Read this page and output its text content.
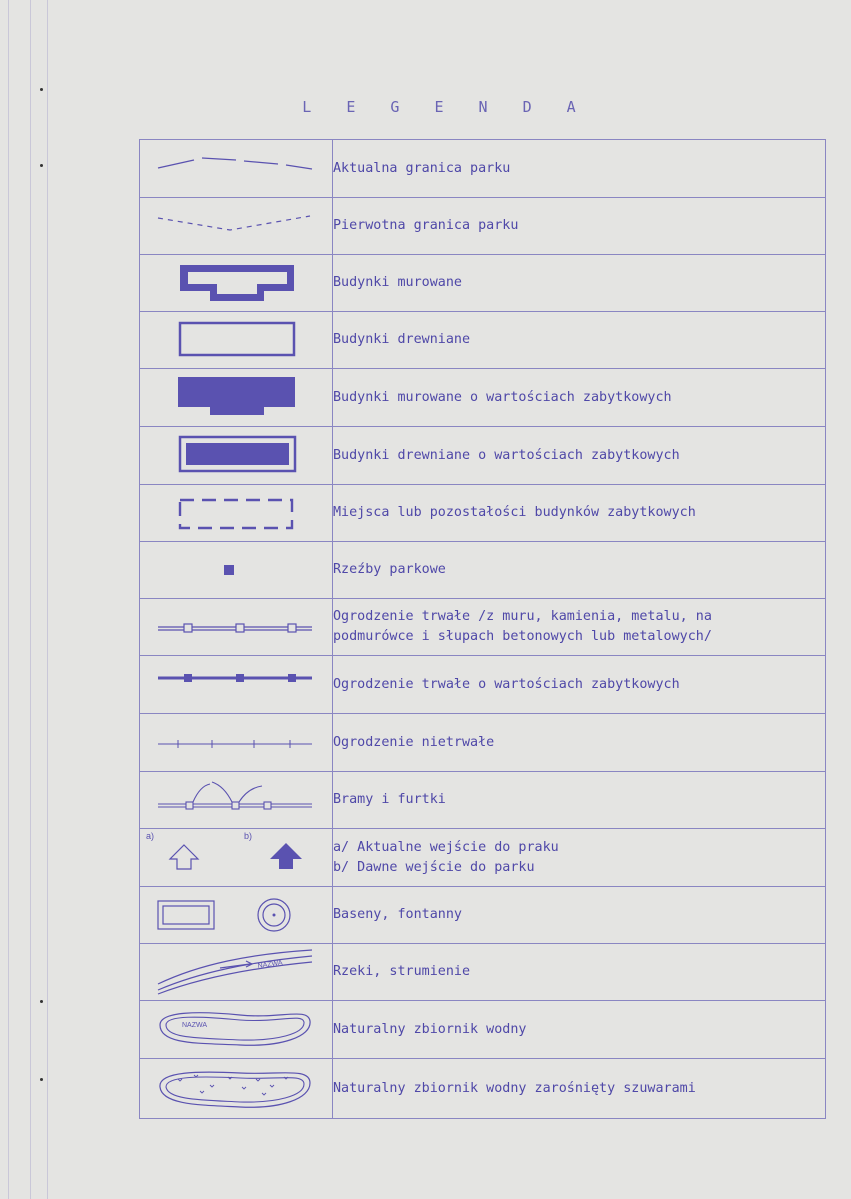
L E G E N D A

Aktualna granica parku

Pierwotna granica parku

Budynki murowane

Budynki drewniane

Budynki murowane o wartościach zabytkowych

Budynki drewniane o wartościach zabytkowych

Miejsca lub pozostałości budynków zabytkowych

Rzeźby parkowe

Ogrodzenie trwałe /z muru, kamienia, metalu, na
podmurówce i słupach betonowych lub metalowych/

Ogrodzenie trwałe o wartościach zabytkowych

Ogrodzenie nietrwałe

Bramy i furtki

a) b)	a/ Aktualne wejście do praku
b/ Dawne wejście do parku

Baseny, fontanny

NAZWA	Rzeki, strumienie

NAZWA	Naturalny zbiornik wodny

Naturalny zbiornik wodny zarośnięty szuwarami
